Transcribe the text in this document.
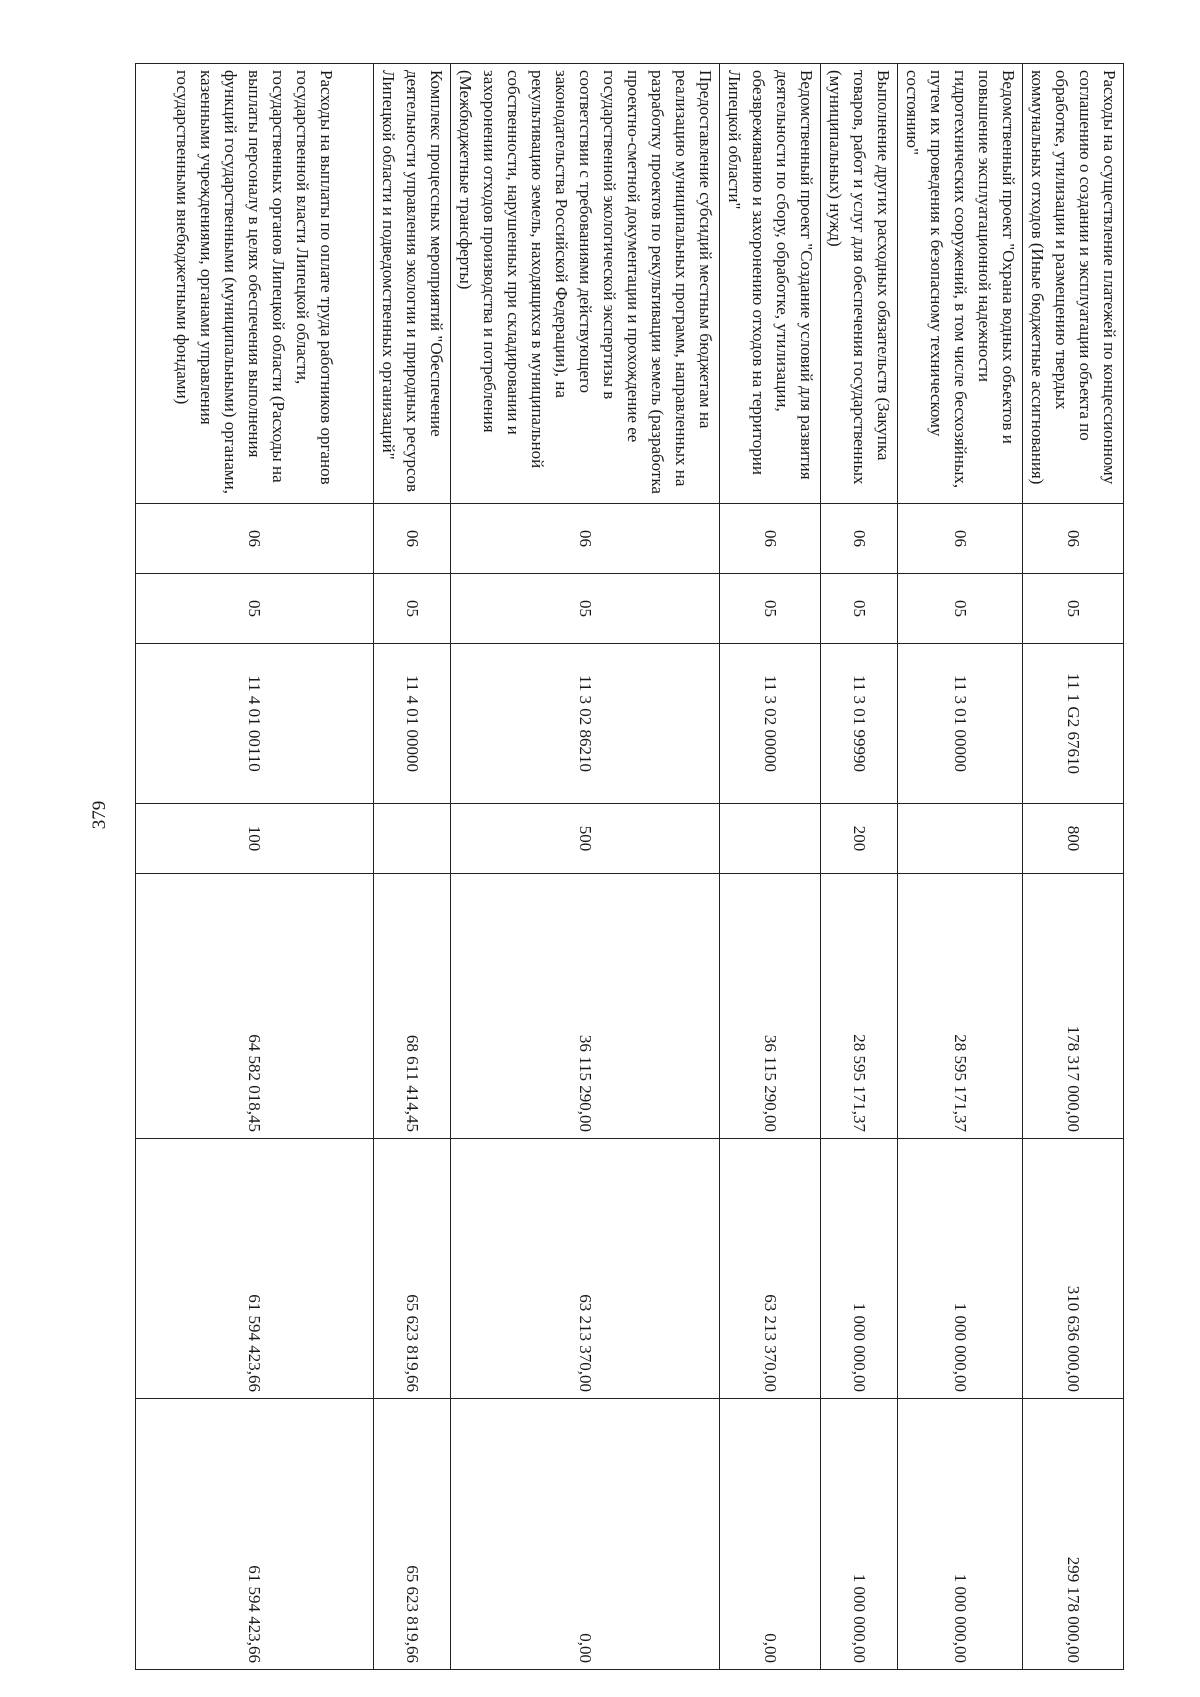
379
Расходы на осуществление платежей по концессионному соглашению о создании и эксплуатации объекта по обработке, утилизации и размещению твердых коммунальных отходов (Иные бюджетные ассигнования)	06	05	11 1 G2 67610	800	178 317 000,00	310 636 000,00	299 178 000,00
Ведомственный проект "Охрана водных объектов и повышение эксплуатационной надежности гидротехнических сооружений, в том числе бесхозяйных, путем их проведения к безопасному техническому состоянию"	06	05	11 3 01 00000		28 595 171,37	1 000 000,00	1 000 000,00
Выполнение других расходных обязательств (Закупка товаров, работ и услуг для обеспечения государственных (муниципальных) нужд)	06	05	11 3 01 99990	200	28 595 171,37	1 000 000,00	1 000 000,00
Ведомственный проект "Создание условий для развития деятельности по сбору, обработке, утилизации, обезвреживанию и захоронению отходов на территории Липецкой области"	06	05	11 3 02 00000		36 115 290,00	63 213 370,00	0,00
Предоставление субсидий местным бюджетам на реализацию муниципальных программ, направленных на разработку проектов по рекультивации земель (разработка проектно-сметной документации и прохождение ее государственной экологической экспертизы в соответствии с требованиями действующего законодательства Российской Федерации), на рекультивацию земель, находящихся в муниципальной собственности, нарушенных при складировании и захоронении отходов производства и потребления (Межбюджетные трансферты)	06	05	11 3 02 86210	500	36 115 290,00	63 213 370,00	0,00
Комплекс процессных мероприятий "Обеспечение деятельности управления экологии и природных ресурсов Липецкой области и подведомственных организаций"	06	05	11 4 01 00000		68 611 414,45	65 623 819,66	65 623 819,66
Расходы на выплаты по оплате труда работников органов государственной власти Липецкой области, государственных органов Липецкой области (Расходы на выплаты персоналу в целях обеспечения выполнения функций государственными (муниципальными) органами, казенными учреждениями, органами управления государственными внебюджетными фондами)	06	05	11 4 01 00110	100	64 582 018,45	61 594 423,66	61 594 423,66
